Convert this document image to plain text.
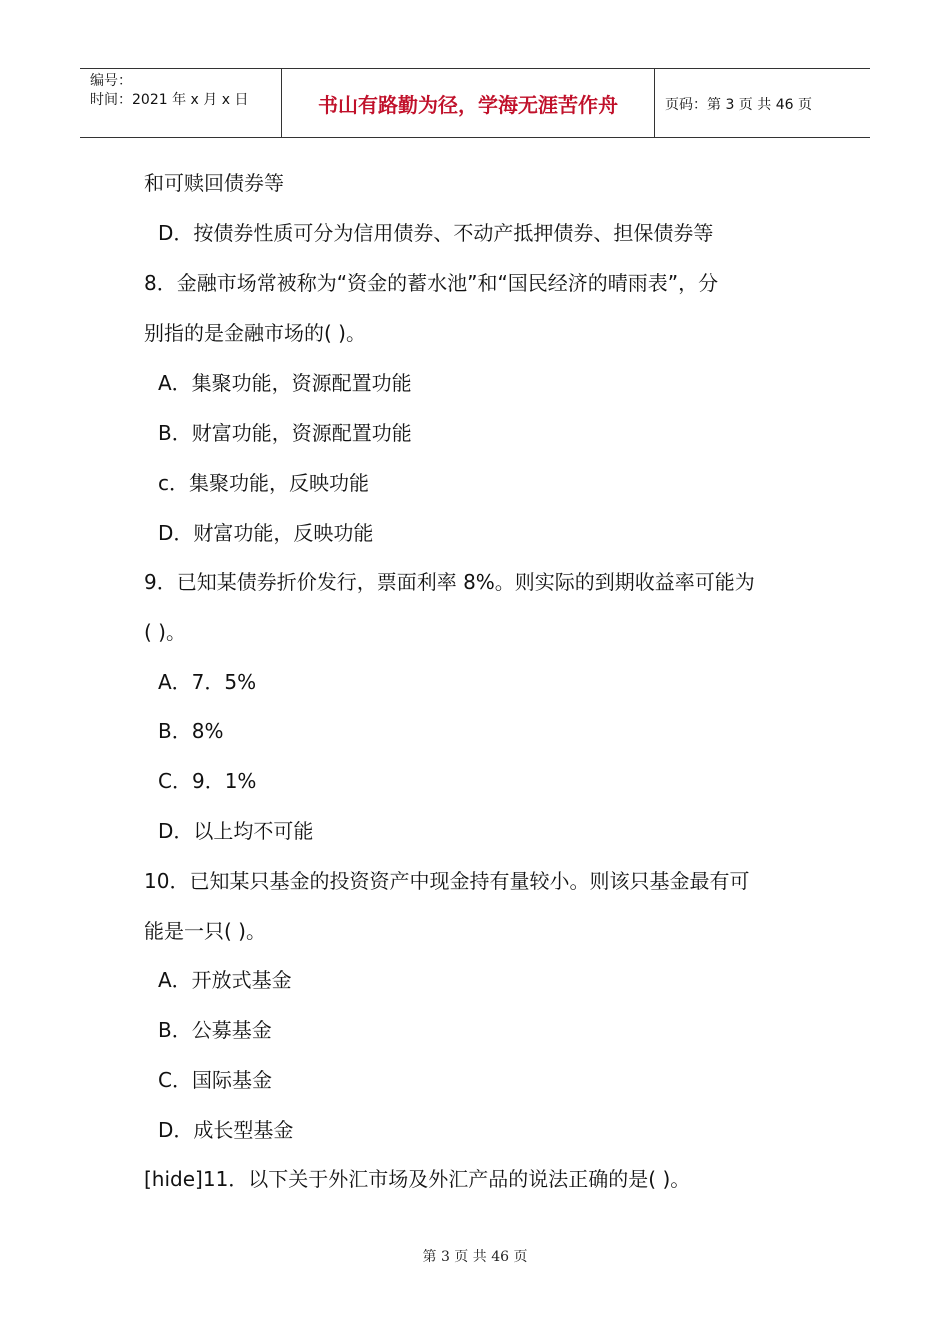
编号：
时间：2021 年 x 月 x 日	书山有路勤为径，学海无涯苦作舟	页码：第 3 页 共 46 页
和可赎回债券等
D．按债券性质可分为信用债券、不动产抵押债券、担保债券等
8．金融市场常被称为“资金的蓄水池”和“国民经济的晴雨表”，分
别指的是金融市场的( )。
A．集聚功能，资源配置功能
B．财富功能，资源配置功能
c．集聚功能，反映功能
D．财富功能，反映功能
9．已知某债券折价发行，票面利率 8%。则实际的到期收益率可能为
( )。
A．7．5%
B．8%
C．9．1%
D．以上均不可能
10．已知某只基金的投资资产中现金持有量较小。则该只基金最有可
能是一只( )。
A．开放式基金
B．公募基金
C．国际基金
D．成长型基金
[hide]11．以下关于外汇市场及外汇产品的说法正确的是( )。
第 3 页 共 46 页
